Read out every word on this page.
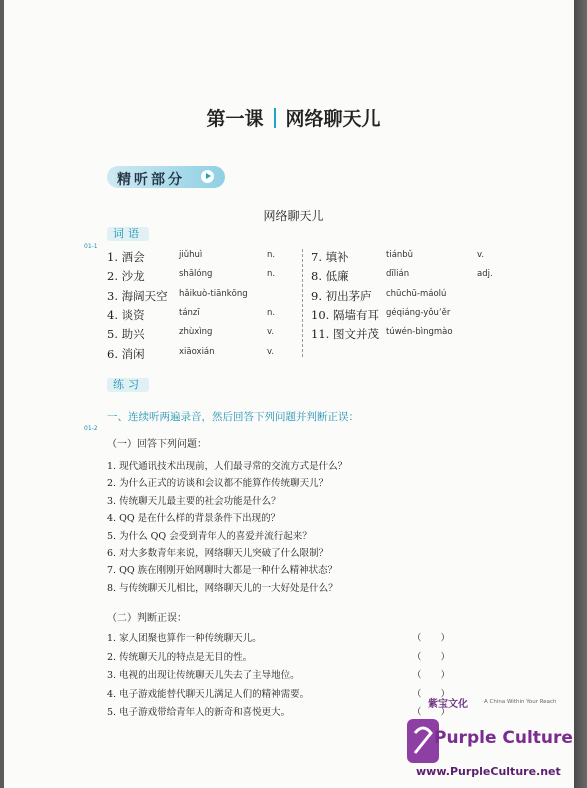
第一课 网络聊天儿
精听部分
网络聊天儿
词语
01-1
1. 酒会	jiǔhuì	n.
2. 沙龙	shālóng	n.
3. 海阔天空 hǎikuò-tiānkōng
4. 谈资	tánzī	n.
5. 助兴	zhùxìng	v.
6. 消闲	xiāoxián	v.
7. 填补	tiánbǔ	v.
8. 低廉	dīlián	adj.
9. 初出茅庐 chūchū-máolú
10. 隔墙有耳 géqiáng-yǒu’ěr
11. 图文并茂 túwén-bìngmào
练习
一、连续听两遍录音，然后回答下列问题并判断正误：
01-2
（一）回答下列问题：
1. 现代通讯技术出现前，人们最寻常的交流方式是什么？
2. 为什么正式的访谈和会议都不能算作传统聊天儿？
3. 传统聊天儿最主要的社会功能是什么？
4. QQ 是在什么样的背景条件下出现的？
5. 为什么 QQ 会受到青年人的喜爱并流行起来？
6. 对大多数青年来说，网络聊天儿突破了什么限制？
7. QQ 族在刚刚开始网聊时大都是一种什么精神状态？
8. 与传统聊天儿相比，网络聊天儿的一大好处是什么？
（二）判断正误：
1. 家人团聚也算作一种传统聊天儿。	（　　）
2. 传统聊天儿的特点是无目的性。	（　　）
3. 电视的出现让传统聊天儿失去了主导地位。	（　　）
4. 电子游戏能替代聊天儿满足人们的精神需要。	（　　）
5. 电子游戏带给青年人的新奇和喜悦更大。	（　　）
紫宝文化	A China Within Your Reach
Purple Culture
www.PurpleCulture.net
